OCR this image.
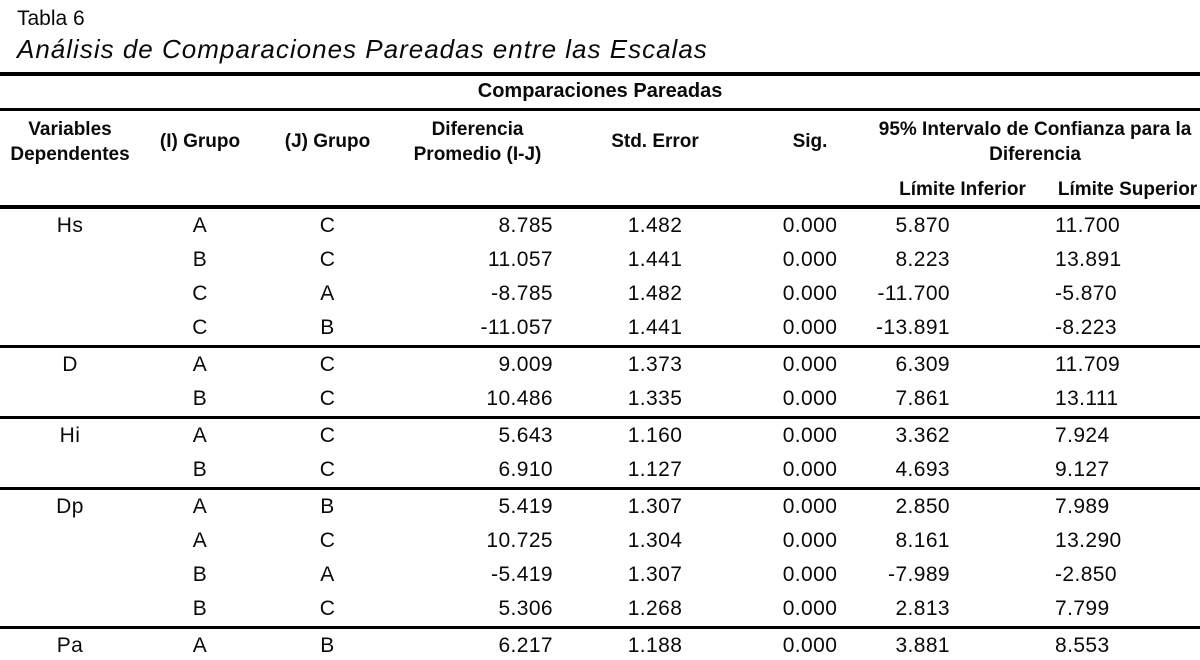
Tabla 6
Análisis de Comparaciones Pareadas entre las Escalas
Comparaciones Pareadas							
Variables Dependentes	(I) Grupo	(J) Grupo	Diferencia Promedio (I-J)	Std. Error	Sig.	95% Intervalo de Confianza para la
Diferencia	

						Límite Inferior	Límite Superior
Hs	A	C	8.785	1.482	0.000	5.870	11.700
	B	C	11.057	1.441	0.000	8.223	13.891
	C	A	-8.785	1.482	0.000	-11.700	-5.870
	C	B	-11.057	1.441	0.000	-13.891	-8.223
D	A	C	9.009	1.373	0.000	6.309	11.709
	B	C	10.486	1.335	0.000	7.861	13.111
Hi	A	C	5.643	1.160	0.000	3.362	7.924
	B	C	6.910	1.127	0.000	4.693	9.127
Dp	A	B	5.419	1.307	0.000	2.850	7.989
	A	C	10.725	1.304	0.000	8.161	13.290
	B	A	-5.419	1.307	0.000	-7.989	-2.850
	B	C	5.306	1.268	0.000	2.813	7.799
Pa	A	B	6.217	1.188	0.000	3.881	8.553
